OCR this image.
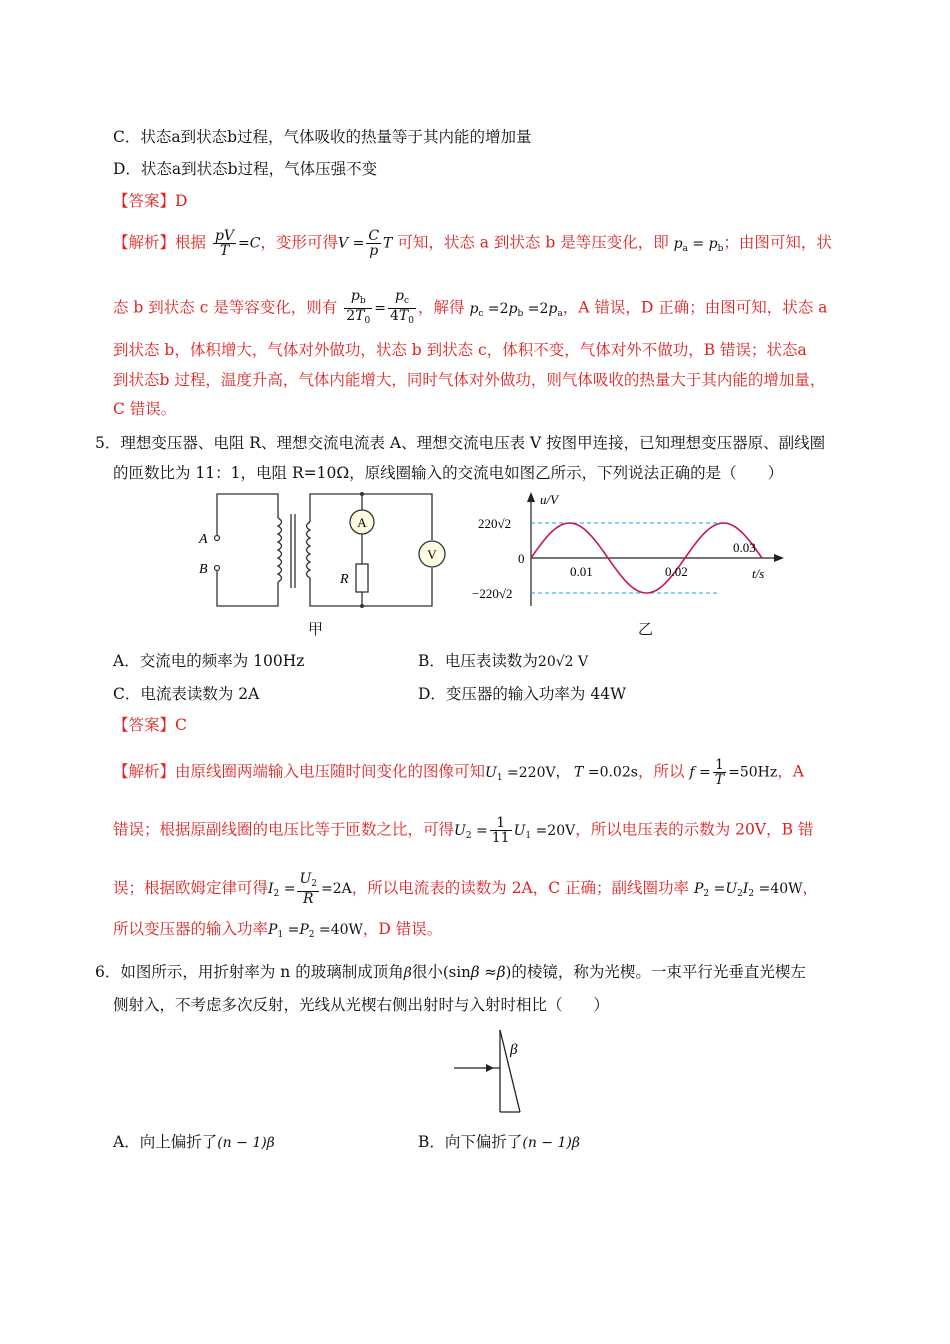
C．状态a到状态b过程，气体吸收的热量等于其内能的增加量
D．状态a到状态b过程，气体压强不变
【答案】D
【解析】根据 $\frac{pV}{T} =C$，变形可得$V = \frac{C}{p}$ T 可知，状态 a 到状态 b 是等压变化，即 $p_a = p_b$；由图可知，状
态 b 到状态 c 是等容变化，则有 $\frac{p_b}{2T_0} = \frac{p_c}{4T_0}$ ，解得 $p_c =2p_b =2p_a$，A 错误，D 正确；由图可知，状态 a
到状态 b，体积增大，气体对外做功，状态 b 到状态 c，体积不变，气体对外不做功，B 错误；状态a
到状态b 过程，温度升高，气体内能增大，同时气体对外做功，则气体吸收的热量大于其内能的增加量，
C 错误。
5．理想变压器、电阻 R、理想交流电流表 A、理想交流电压表 V 按图甲连接，已知理想变压器原、副线圈
的匝数比为 11：1，电阻 R=10Ω，原线圈输入的交流电如图乙所示，下列说法正确的是（　　）
A
V
A
B
R
甲
u/V
t/s
220√2
−220√2
0
0.01	0.02
0.03
乙
A．交流电的频率为 100Hz	B．电压表读数为20√2 V
C．电流表读数为 2A	D．变压器的输入功率为 44W
【答案】C
【解析】由原线圈两端输入电压随时间变化的图像可知$U_1 =220V$， T =0.02s，所以 $f = \frac{1}{T} =50Hz$，A
错误；根据原副线圈的电压比等于匝数之比，可得$U_2 = \frac{1}{11} U_1 =20V$，所以电压表的示数为 20V，B 错
误；根据欧姆定律可得$I_2 = \frac{U_2}{R} =2A$，所以电流表的读数为 2A，C 正确；副线圈功率 $P_2 =U_2I_2 =40W$，
所以变压器的输入功率$P_1 =P_2 =40W$，D 错误。
6．如图所示，用折射率为 n 的玻璃制成顶角β很小(sinβ ≈β)的棱镜，称为光楔。一束平行光垂直光楔左
侧射入，不考虑多次反射，光线从光楔右侧出射时与入射时相比（　　）
β
A．向上偏折了(n − 1)β	B．向下偏折了(n − 1)β
